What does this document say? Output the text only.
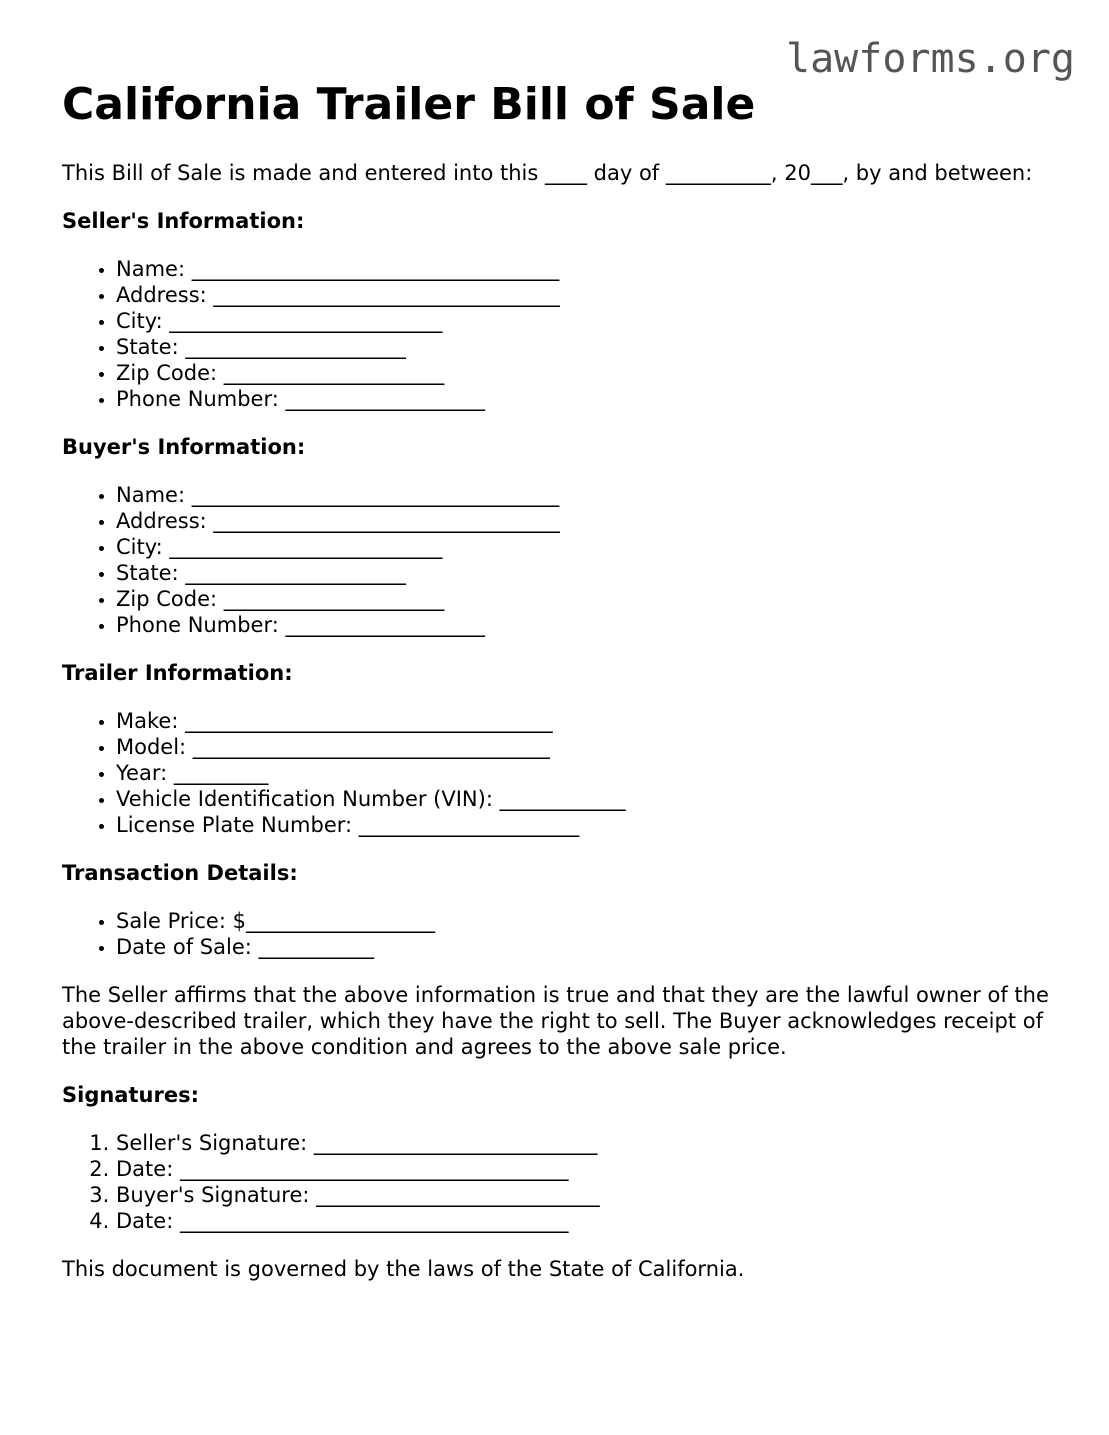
lawforms.org
California Trailer Bill of Sale

This Bill of Sale is made and entered into this ____ day of __________, 20___, by and between:

Seller's Information:
• Name: ___________________________________
• Address: _________________________________
• City: __________________________
• State: _____________________
• Zip Code: _____________________
• Phone Number: ___________________
Buyer's Information:
• Name: ___________________________________
• Address: _________________________________
• City: __________________________
• State: _____________________
• Zip Code: _____________________
• Phone Number: ___________________
Trailer Information:
• Make: ___________________________________
• Model: __________________________________
• Year: _________
• Vehicle Identification Number (VIN): ____________
• License Plate Number: _____________________
Transaction Details:
• Sale Price: $__________________
• Date of Sale: ___________

The Seller affirms that the above information is true and that they are the lawful owner of the above-described trailer, which they have the right to sell. The Buyer acknowledges receipt of the trailer in the above condition and agrees to the above sale price.

Signatures:
1. Seller's Signature: ___________________________
2. Date: _____________________________________
3. Buyer's Signature: ___________________________
4. Date: _____________________________________

This document is governed by the laws of the State of California.
